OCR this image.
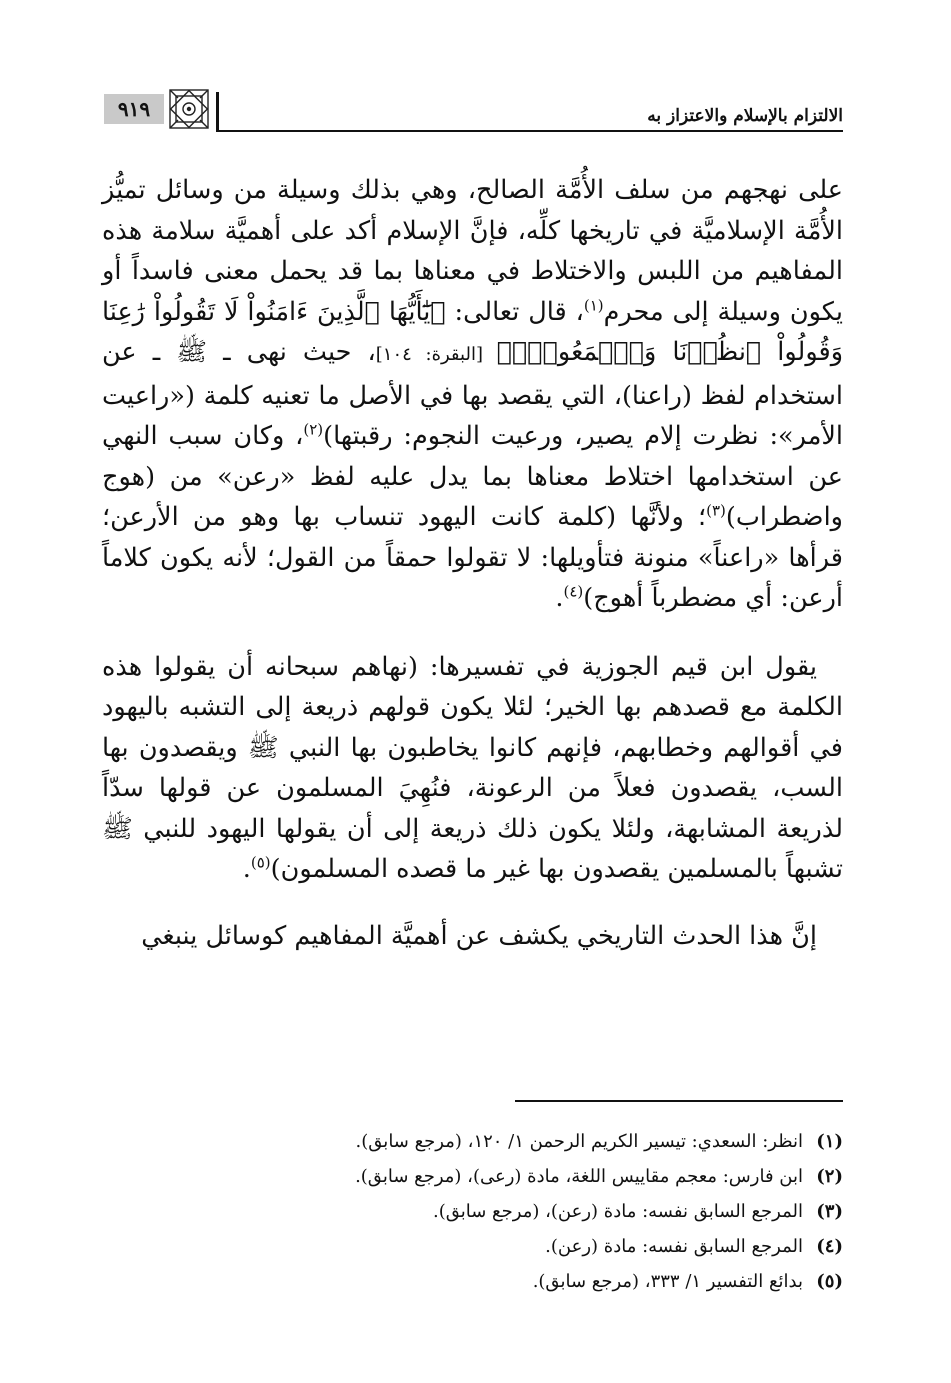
الالتزام بالإسلام والاعتزاز به
٩١٩

على نهجهم من سلف الأُمَّة الصالح، وهي بذلك وسيلة من وسائل تميُّز الأُمَّة الإسلاميَّة في تاريخها كلِّه، فإنَّ الإسلام أكد على أهميَّة سلامة هذه المفاهيم من اللبس والاختلاط في معناها بما قد يحمل معنى فاسداً أو يكون وسيلة إلى محرم$^{(١)}$، قال تعالى: ﴿يَٰٓأَيُّهَا ٱلَّذِينَ ءَامَنُواْ لَا تَقُولُواْ رَٰعِنَا وَقُولُواْ ٱنظُرۡنَا وَٱسۡمَعُواْۗ﴾ [البقرة: ١٠٤]، حيث نهى ـ ﷺ ـ عن استخدام لفظ (راعنا)، التي يقصد بها في الأصل ما تعنيه كلمة («راعيت الأمر»: نظرت إلام يصير، ورعيت النجوم: رقبتها)$^{(٢)}$، وكان سبب النهي عن استخدامها اختلاط معناها بما يدل عليه لفظ «رعن» من (هوج واضطراب)$^{(٣)}$؛ ولأنَّها (كلمة كانت اليهود تنساب بها وهو من الأرعن؛ قرأها «راعناً» منونة فتأويلها: لا تقولوا حمقاً من القول؛ لأنه يكون كلاماً أرعن: أي مضطرباً أهوج)$^{(٤)}$.

يقول ابن قيم الجوزية في تفسيرها: (نهاهم سبحانه أن يقولوا هذه الكلمة مع قصدهم بها الخير؛ لئلا يكون قولهم ذريعة إلى التشبه باليهود في أقوالهم وخطابهم، فإنهم كانوا يخاطبون بها النبي ﷺ ويقصدون بها السب، يقصدون فعلاً من الرعونة، فنُهِيَ المسلمون عن قولها سدّاً لذريعة المشابهة، ولئلا يكون ذلك ذريعة إلى أن يقولها اليهود للنبي ﷺ تشبهاً بالمسلمين يقصدون بها غير ما قصده المسلمون)$^{(٥)}$.

إنَّ هذا الحدث التاريخي يكشف عن أهميَّة المفاهيم كوسائل ينبغي

(١)
انظر: السعدي: تيسير الكريم الرحمن ١/ ١٢٠، (مرجع سابق).
(٢)
ابن فارس: معجم مقاييس اللغة، مادة (رعى)، (مرجع سابق).
(٣)
المرجع السابق نفسه: مادة (رعن)، (مرجع سابق).
(٤)
المرجع السابق نفسه: مادة (رعن).
(٥)
بدائع التفسير ١/ ٣٣٣، (مرجع سابق).
